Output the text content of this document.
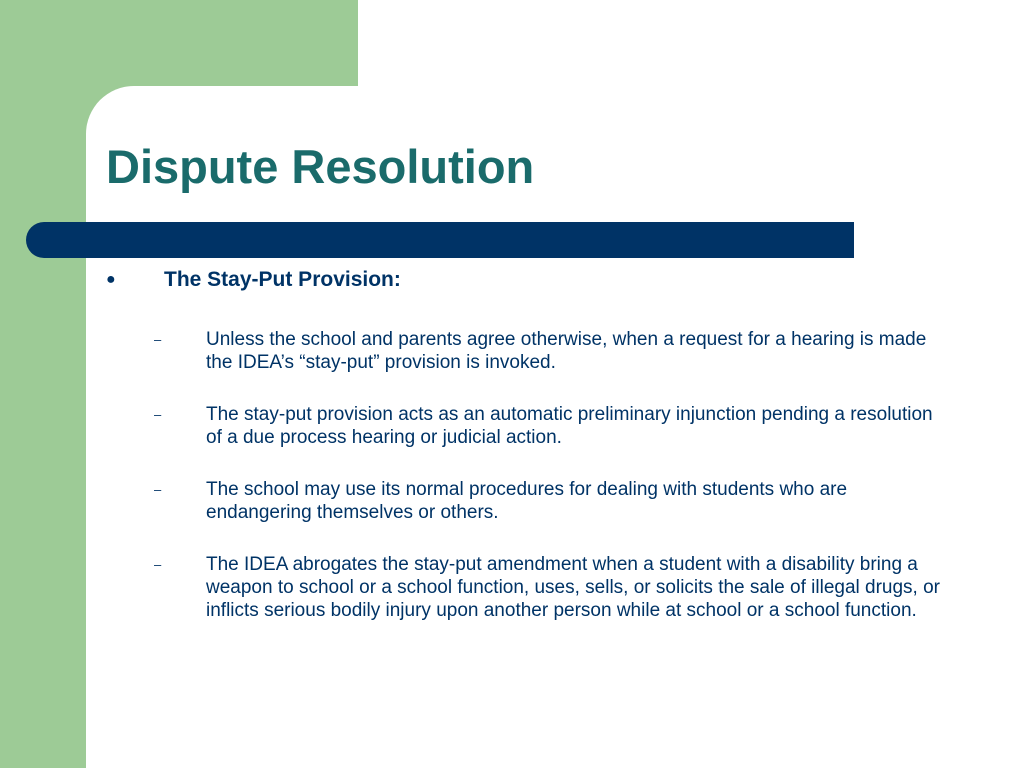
Dispute Resolution
● The Stay-Put Provision:
– Unless the school and parents agree otherwise, when a request for a hearing is made the IDEA’s “stay-put” provision is invoked.
– The stay-put provision acts as an automatic preliminary injunction pending a resolution of a due process hearing or judicial action.
– The school may use its normal procedures for dealing with students who are endangering themselves or others.
– The IDEA abrogates the stay-put amendment when a student with a disability bring a weapon to school or a school function, uses, sells, or solicits the sale of illegal drugs, or inflicts serious bodily injury upon another person while at school or a school function.
